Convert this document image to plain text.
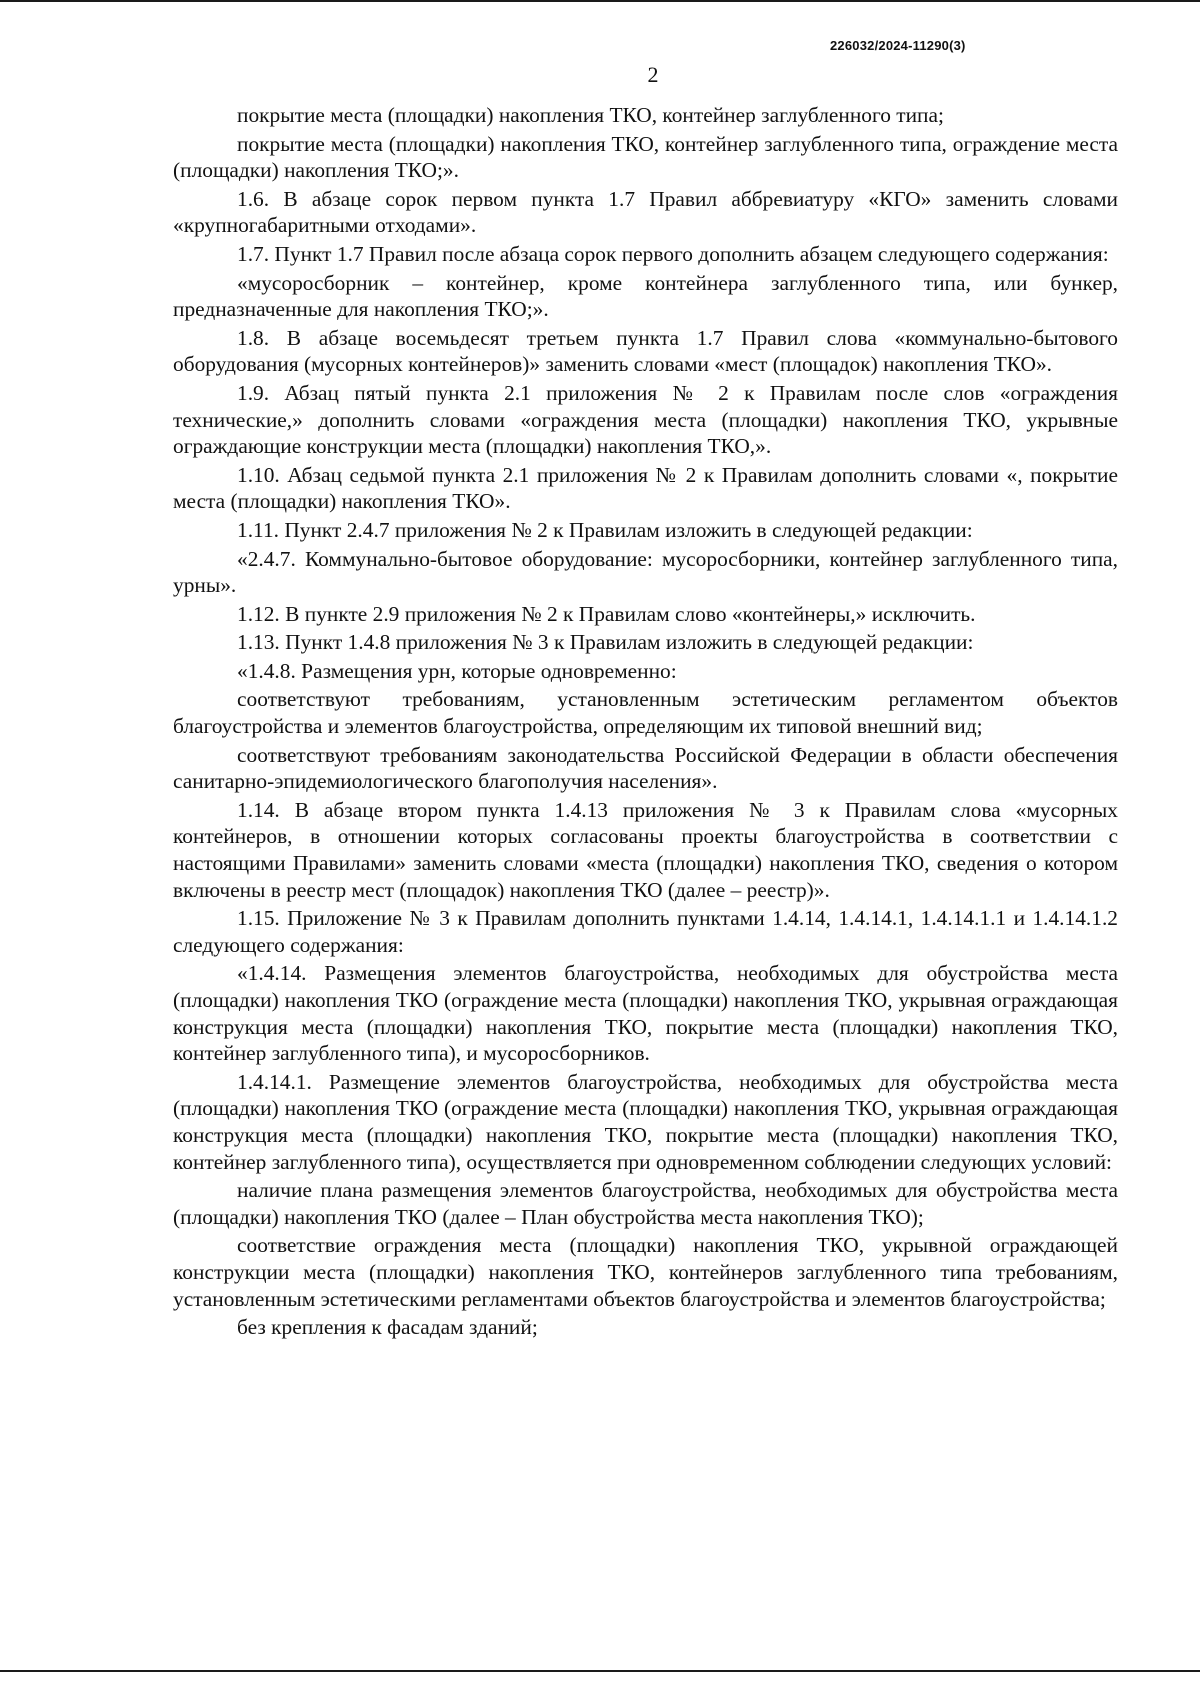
226032/2024-11290(3)
2

покрытие места (площадки) накопления ТКО, контейнер заглубленного типа;

покрытие места (площадки) накопления ТКО, контейнер заглубленного типа, ограждение места (площадки) накопления ТКО;».

1.6. В абзаце сорок первом пункта 1.7 Правил аббревиатуру «КГО» заменить словами «крупногабаритными отходами».

1.7. Пункт 1.7 Правил после абзаца сорок первого дополнить абзацем следующего содержания:

«мусоросборник – контейнер, кроме контейнера заглубленного типа, или бункер, предназначенные для накопления ТКО;».

1.8. В абзаце восемьдесят третьем пункта 1.7 Правил слова «коммунально-бытового оборудования (мусорных контейнеров)» заменить словами «мест (площадок) накопления ТКО».

1.9. Абзац пятый пункта 2.1 приложения № 2 к Правилам после слов «ограждения технические,» дополнить словами «ограждения места (площадки) накопления ТКО, укрывные ограждающие конструкции места (площадки) накопления ТКО,».

1.10. Абзац седьмой пункта 2.1 приложения № 2 к Правилам дополнить словами «, покрытие места (площадки) накопления ТКО».

1.11. Пункт 2.4.7 приложения № 2 к Правилам изложить в следующей редакции:

«2.4.7. Коммунально-бытовое оборудование: мусоросборники, контейнер заглубленного типа, урны».

1.12. В пункте 2.9 приложения № 2 к Правилам слово «контейнеры,» исключить.

1.13. Пункт 1.4.8 приложения № 3 к Правилам изложить в следующей редакции:

«1.4.8. Размещения урн, которые одновременно:

соответствуют требованиям, установленным эстетическим регламентом объектов благоустройства и элементов благоустройства, определяющим их типовой внешний вид;

соответствуют требованиям законодательства Российской Федерации в области обеспечения санитарно-эпидемиологического благополучия населения».

1.14. В абзаце втором пункта 1.4.13 приложения № 3 к Правилам слова «мусорных контейнеров, в отношении которых согласованы проекты благоустройства в соответствии с настоящими Правилами» заменить словами «места (площадки) накопления ТКО, сведения о котором включены в реестр мест (площадок) накопления ТКО (далее – реестр)».

1.15. Приложение № 3 к Правилам дополнить пунктами 1.4.14, 1.4.14.1, 1.4.14.1.1 и 1.4.14.1.2 следующего содержания:

«1.4.14. Размещения элементов благоустройства, необходимых для обустройства места (площадки) накопления ТКО (ограждение места (площадки) накопления ТКО, укрывная ограждающая конструкция места (площадки) накопления ТКО, покрытие места (площадки) накопления ТКО, контейнер заглубленного типа), и мусоросборников.

1.4.14.1. Размещение элементов благоустройства, необходимых для обустройства места (площадки) накопления ТКО (ограждение места (площадки) накопления ТКО, укрывная ограждающая конструкция места (площадки) накопления ТКО, покрытие места (площадки) накопления ТКО, контейнер заглубленного типа), осуществляется при одновременном соблюдении следующих условий:

наличие плана размещения элементов благоустройства, необходимых для обустройства места (площадки) накопления ТКО (далее – План обустройства места накопления ТКО);

соответствие ограждения места (площадки) накопления ТКО, укрывной ограждающей конструкции места (площадки) накопления ТКО, контейнеров заглубленного типа требованиям, установленным эстетическими регламентами объектов благоустройства и элементов благоустройства;

без крепления к фасадам зданий;
